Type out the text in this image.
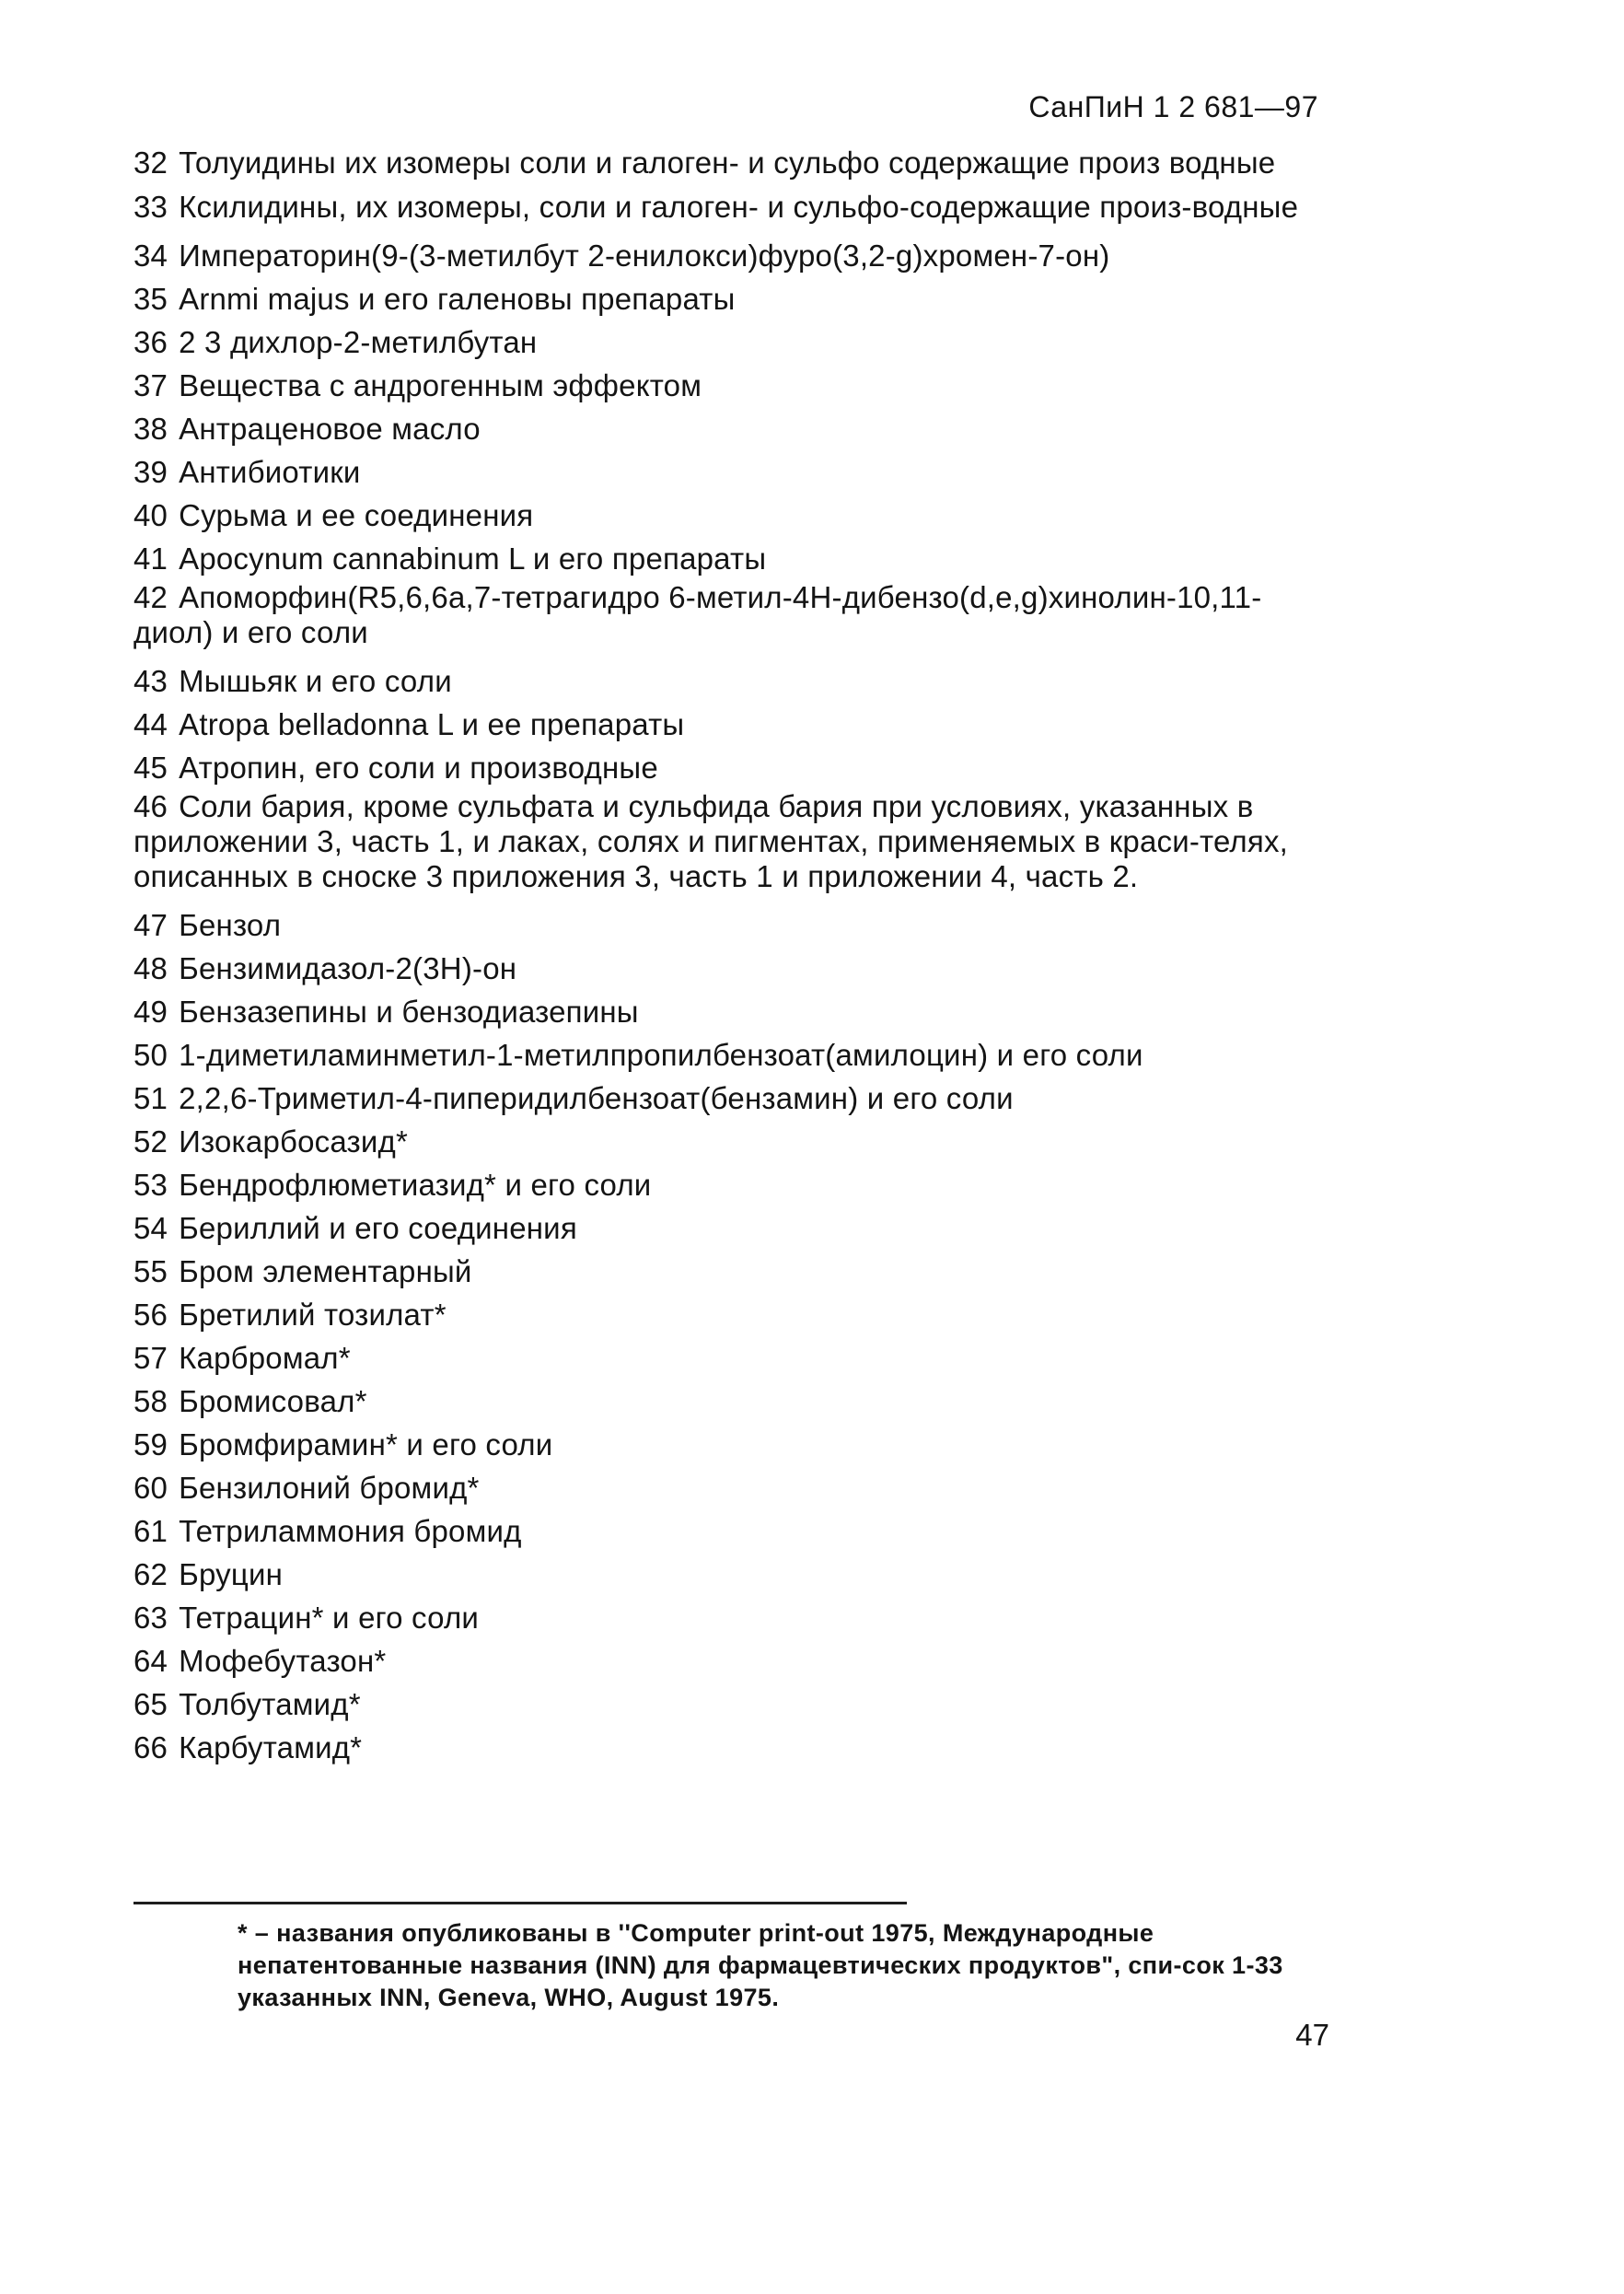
СанПиН 1 2 681—97
32 Толуидины их изомеры соли и галоген- и сульфо содержащие произ водные
33 Ксилидины, их изомеры, соли и галоген- и сульфо-содержащие произ-водные
34 Императорин(9-(3-метилбут 2-енилокси)фуро(3,2-g)хромен-7-он)
35 Arnmi majus и его галеновы препараты
36 2 3 дихлор-2-метилбутан
37 Вещества с андрогенным эффектом
38 Антраценовое масло
39 Антибиотики
40 Сурьма и ее соединения
41 Apocynum cannabinum L и его препараты
42 Апоморфин(R5,6,6a,7-тетрагидро 6-метил-4Н-дибензо(d,e,g)хинолин-10,11-диол) и его соли
43 Мышьяк и его соли
44 Atropa belladonna L и ее препараты
45 Атропин, его соли и производные
46 Соли бария, кроме сульфата и сульфида бария при условиях, указанных в приложении 3, часть 1, и лаках, солях и пигментах, применяемых в краси-телях, описанных в сноске 3 приложения 3, часть 1 и приложении 4, часть 2.
47 Бензол
48 Бензимидазол-2(3Н)-он
49 Бензазепины и бензодиазепины
50 1-диметиламинметил-1-метилпропилбензоат(амилоцин) и его соли
51 2,2,6-Триметил-4-пиперидилбензоат(бензамин) и его соли
52 Изокарбосазид*
53 Бендрофлюметиазид* и его соли
54 Бериллий и его соединения
55 Бром элементарный
56 Бретилий тозилат*
57 Карбромал*
58 Бромисовал*
59 Бромфирамин* и его соли
60 Бензилоний бромид*
61 Тетриламмония бромид
62 Бруцин
63 Тетрацин* и его соли
64 Мофебутазон*
65 Толбутамид*
66 Карбутамид*
* – названия опубликованы в ''Computer print-out 1975, Международные непатентованные названия (INN) для фармацевтических продуктов", спи-сок 1-33 указанных INN, Geneva, WHO, August 1975.
47
